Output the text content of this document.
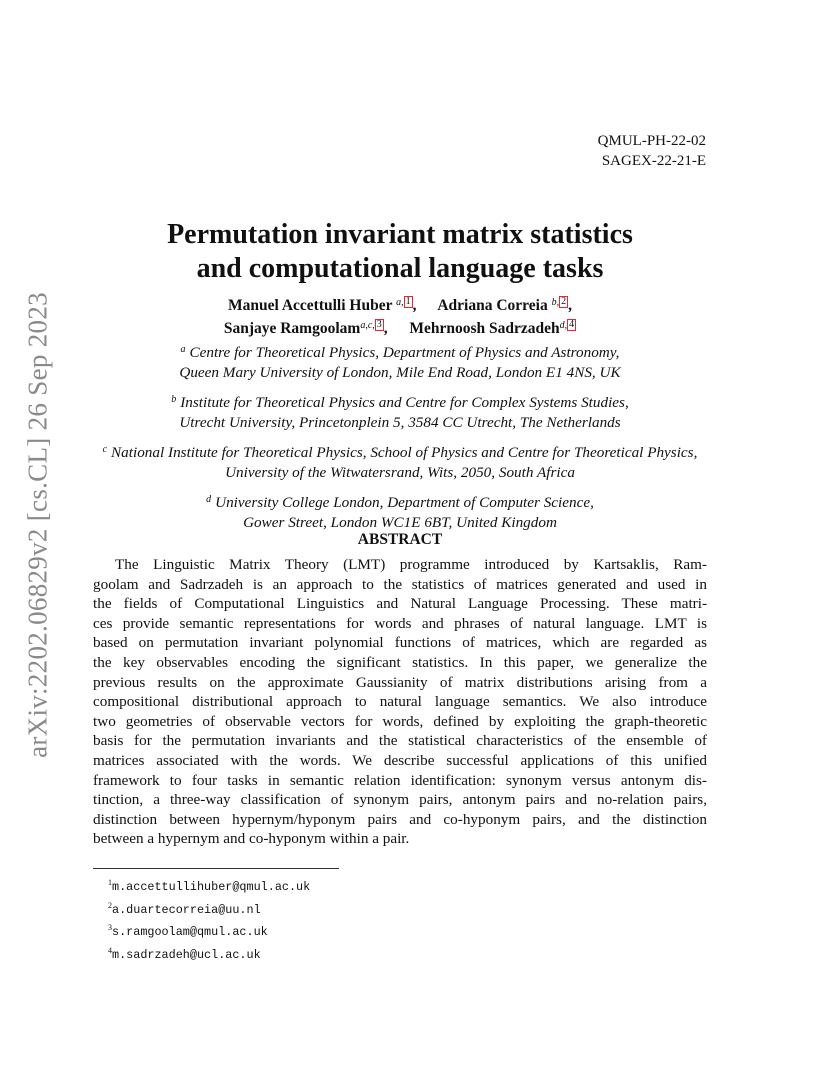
arXiv:2202.06829v2 [cs.CL] 26 Sep 2023
QMUL-PH-22-02
SAGEX-22-21-E
Permutation invariant matrix statistics
and computational language tasks
Manuel Accettulli Huber $^{a,}$ 1 , Adriana Correia $^{b,}$ 2 ,
Sanjaye Ramgoolam$^{a,c,}$ 3 , Mehrnoosh Sadrzadeh$^{d,}$ 4
$^a$ Centre for Theoretical Physics, Department of Physics and Astronomy,
Queen Mary University of London, Mile End Road, London E1 4NS, UK
$^b$ Institute for Theoretical Physics and Centre for Complex Systems Studies,
Utrecht University, Princetonplein 5, 3584 CC Utrecht, The Netherlands
$^c$ National Institute for Theoretical Physics, School of Physics and Centre for Theoretical Physics,
University of the Witwatersrand, Wits, 2050, South Africa
$^d$ University College London, Department of Computer Science,
Gower Street, London WC1E 6BT, United Kingdom
ABSTRACT
The Linguistic Matrix Theory (LMT) programme introduced by Kartsaklis, Ram-
goolam and Sadrzadeh is an approach to the statistics of matrices generated and used in
the fields of Computational Linguistics and Natural Language Processing. These matri-
ces provide semantic representations for words and phrases of natural language. LMT is
based on permutation invariant polynomial functions of matrices, which are regarded as
the key observables encoding the significant statistics. In this paper, we generalize the
previous results on the approximate Gaussianity of matrix distributions arising from a
compositional distributional approach to natural language semantics. We also introduce
two geometries of observable vectors for words, defined by exploiting the graph-theoretic
basis for the permutation invariants and the statistical characteristics of the ensemble of
matrices associated with the words. We describe successful applications of this unified
framework to four tasks in semantic relation identification: synonym versus antonym dis-
tinction, a three-way classification of synonym pairs, antonym pairs and no-relation pairs,
distinction between hypernym/hyponym pairs and co-hyponym pairs, and the distinction
between a hypernym and co-hyponym within a pair.
$^1$m.accettullihuber@qmul.ac.uk
$^2$a.duartecorreia@uu.nl
$^3$s.ramgoolam@qmul.ac.uk
$^4$m.sadrzadeh@ucl.ac.uk
